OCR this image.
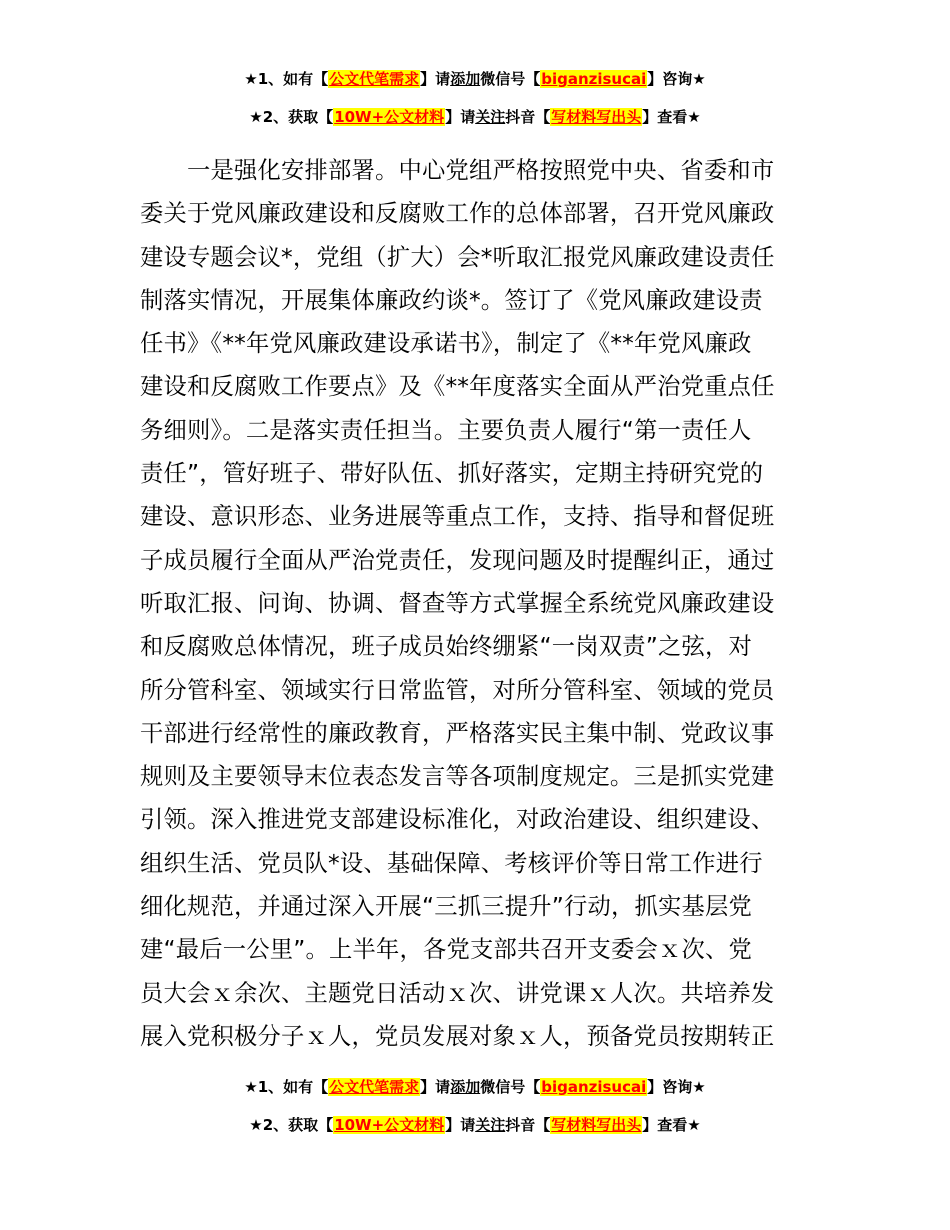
★1、如有【公文代笔需求】请添加微信号【biganzisucai】咨询★
★2、获取【10W+公文材料】请关注抖音【写材料写出头】查看★

　　一是强化安排部署。中心党组严格按照党中央、省委和市

委关于党风廉政建设和反腐败工作的总体部署，召开党风廉政

建设专题会议*，党组（扩大）会*听取汇报党风廉政建设责任

制落实情况，开展集体廉政约谈*。签订了《党风廉政建设责

任书》《**年党风廉政建设承诺书》，制定了《**年党风廉政

建设和反腐败工作要点》及《**年度落实全面从严治党重点任

务细则》。二是落实责任担当。主要负责人履行“第一责任人

责任”，管好班子、带好队伍、抓好落实，定期主持研究党的

建设、意识形态、业务进展等重点工作，支持、指导和督促班

子成员履行全面从严治党责任，发现问题及时提醒纠正，通过

听取汇报、问询、协调、督查等方式掌握全系统党风廉政建设

和反腐败总体情况，班子成员始终绷紧“一岗双责”之弦，对

所分管科室、领域实行日常监管，对所分管科室、领域的党员

干部进行经常性的廉政教育，严格落实民主集中制、党政议事

规则及主要领导末位表态发言等各项制度规定。三是抓实党建

引领。深入推进党支部建设标准化，对政治建设、组织建设、

组织生活、党员队*设、基础保障、考核评价等日常工作进行

细化规范，并通过深入开展“三抓三提升”行动，抓实基层党

建“最后一公里”。上半年，各党支部共召开支委会ｘ次、党

员大会ｘ余次、主题党日活动ｘ次、讲党课ｘ人次。共培养发

展入党积极分子ｘ人，党员发展对象ｘ人，预备党员按期转正

★1、如有【公文代笔需求】请添加微信号【biganzisucai】咨询★
★2、获取【10W+公文材料】请关注抖音【写材料写出头】查看★
